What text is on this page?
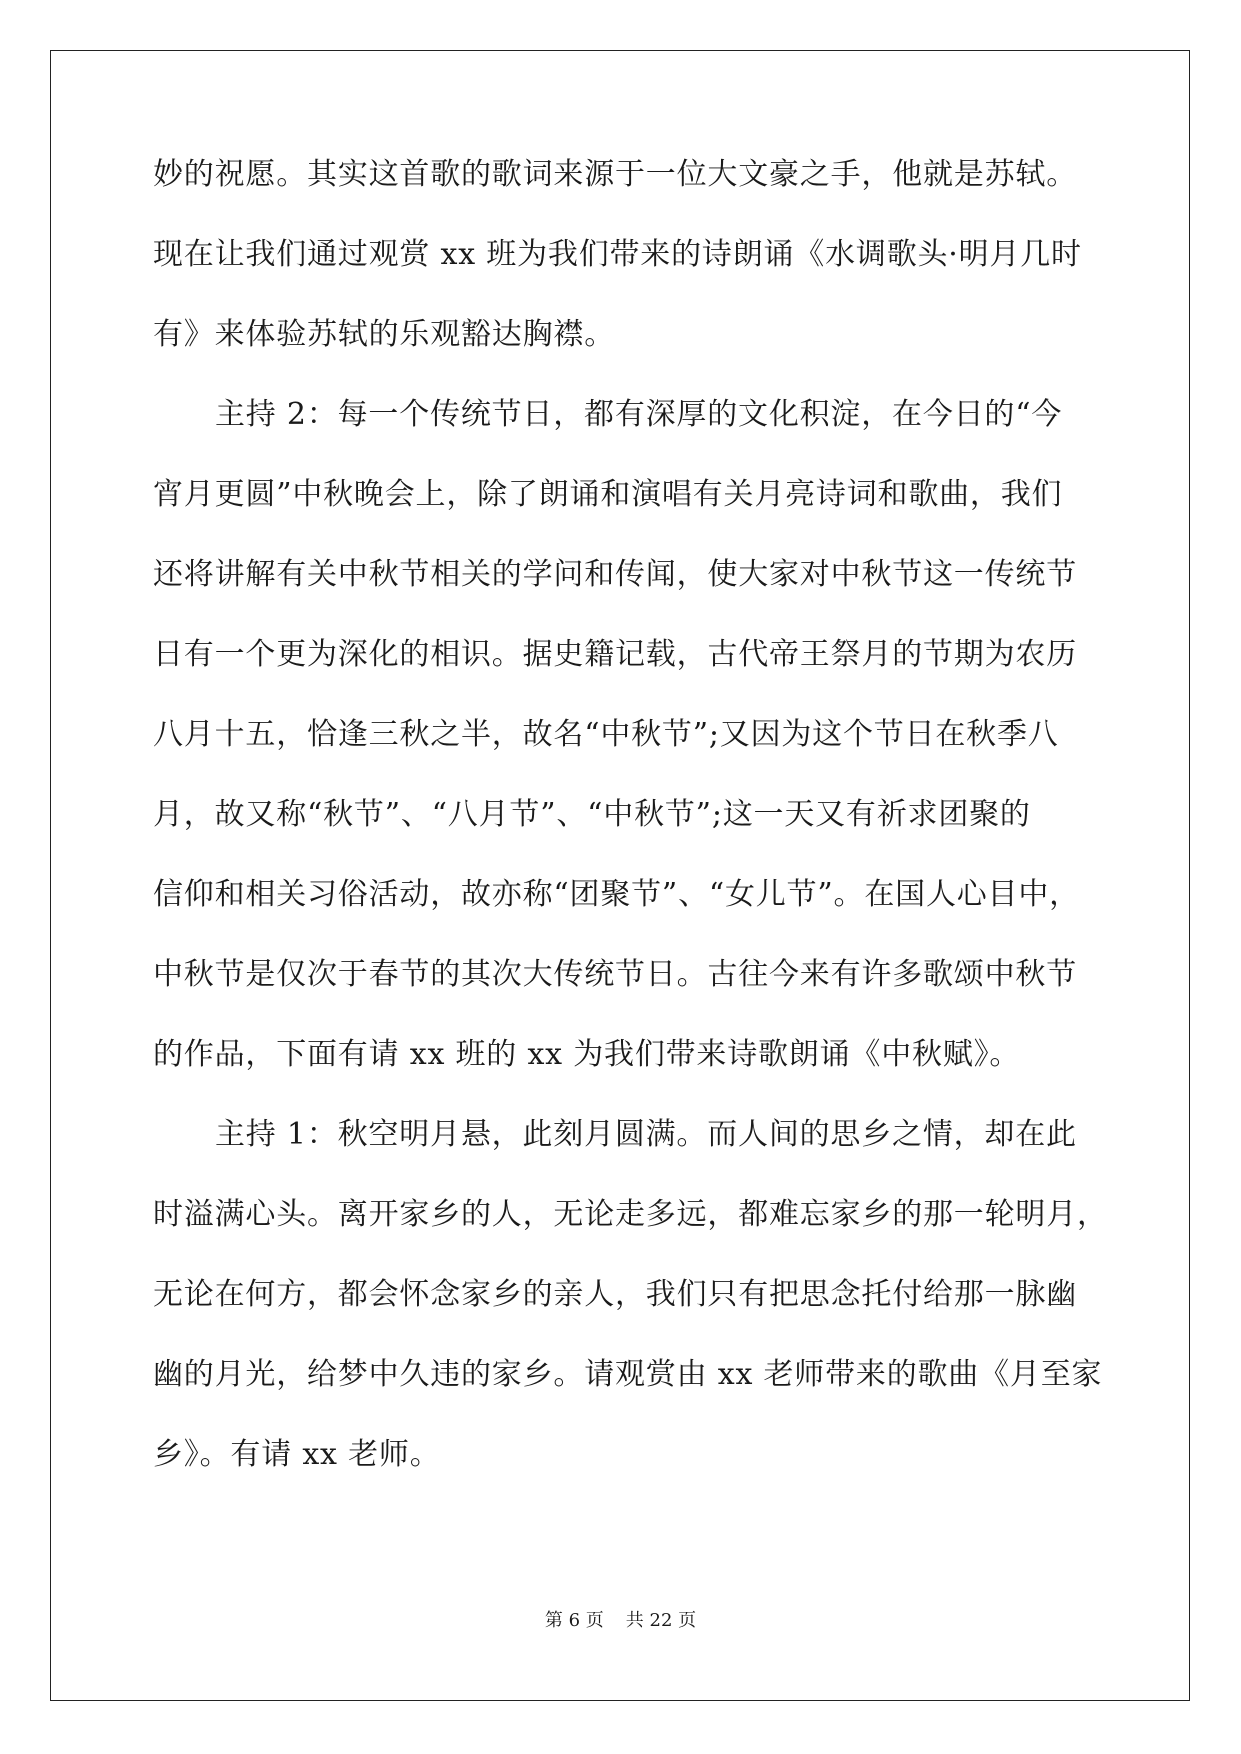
妙的祝愿。其实这首歌的歌词来源于一位大文豪之手，他就是苏轼。
现在让我们通过观赏 xx 班为我们带来的诗朗诵《水调歌头·明月几时
有》来体验苏轼的乐观豁达胸襟。
主持 2：每一个传统节日，都有深厚的文化积淀，在今日的“今
宵月更圆”中秋晚会上，除了朗诵和演唱有关月亮诗词和歌曲，我们
还将讲解有关中秋节相关的学问和传闻，使大家对中秋节这一传统节
日有一个更为深化的相识。据史籍记载，古代帝王祭月的节期为农历
八月十五，恰逢三秋之半，故名“中秋节”;又因为这个节日在秋季八
月，故又称“秋节”、“八月节”、“中秋节”;这一天又有祈求团聚的
信仰和相关习俗活动，故亦称“团聚节”、“女儿节”。在国人心目中，
中秋节是仅次于春节的其次大传统节日。古往今来有许多歌颂中秋节
的作品，下面有请 xx 班的 xx 为我们带来诗歌朗诵《中秋赋》。
主持 1：秋空明月悬，此刻月圆满。而人间的思乡之情，却在此
时溢满心头。离开家乡的人，无论走多远，都难忘家乡的那一轮明月，
无论在何方，都会怀念家乡的亲人，我们只有把思念托付给那一脉幽
幽的月光，给梦中久违的家乡。请观赏由 xx 老师带来的歌曲《月至家
乡》。有请 xx 老师。
第 6 页 共 22 页
